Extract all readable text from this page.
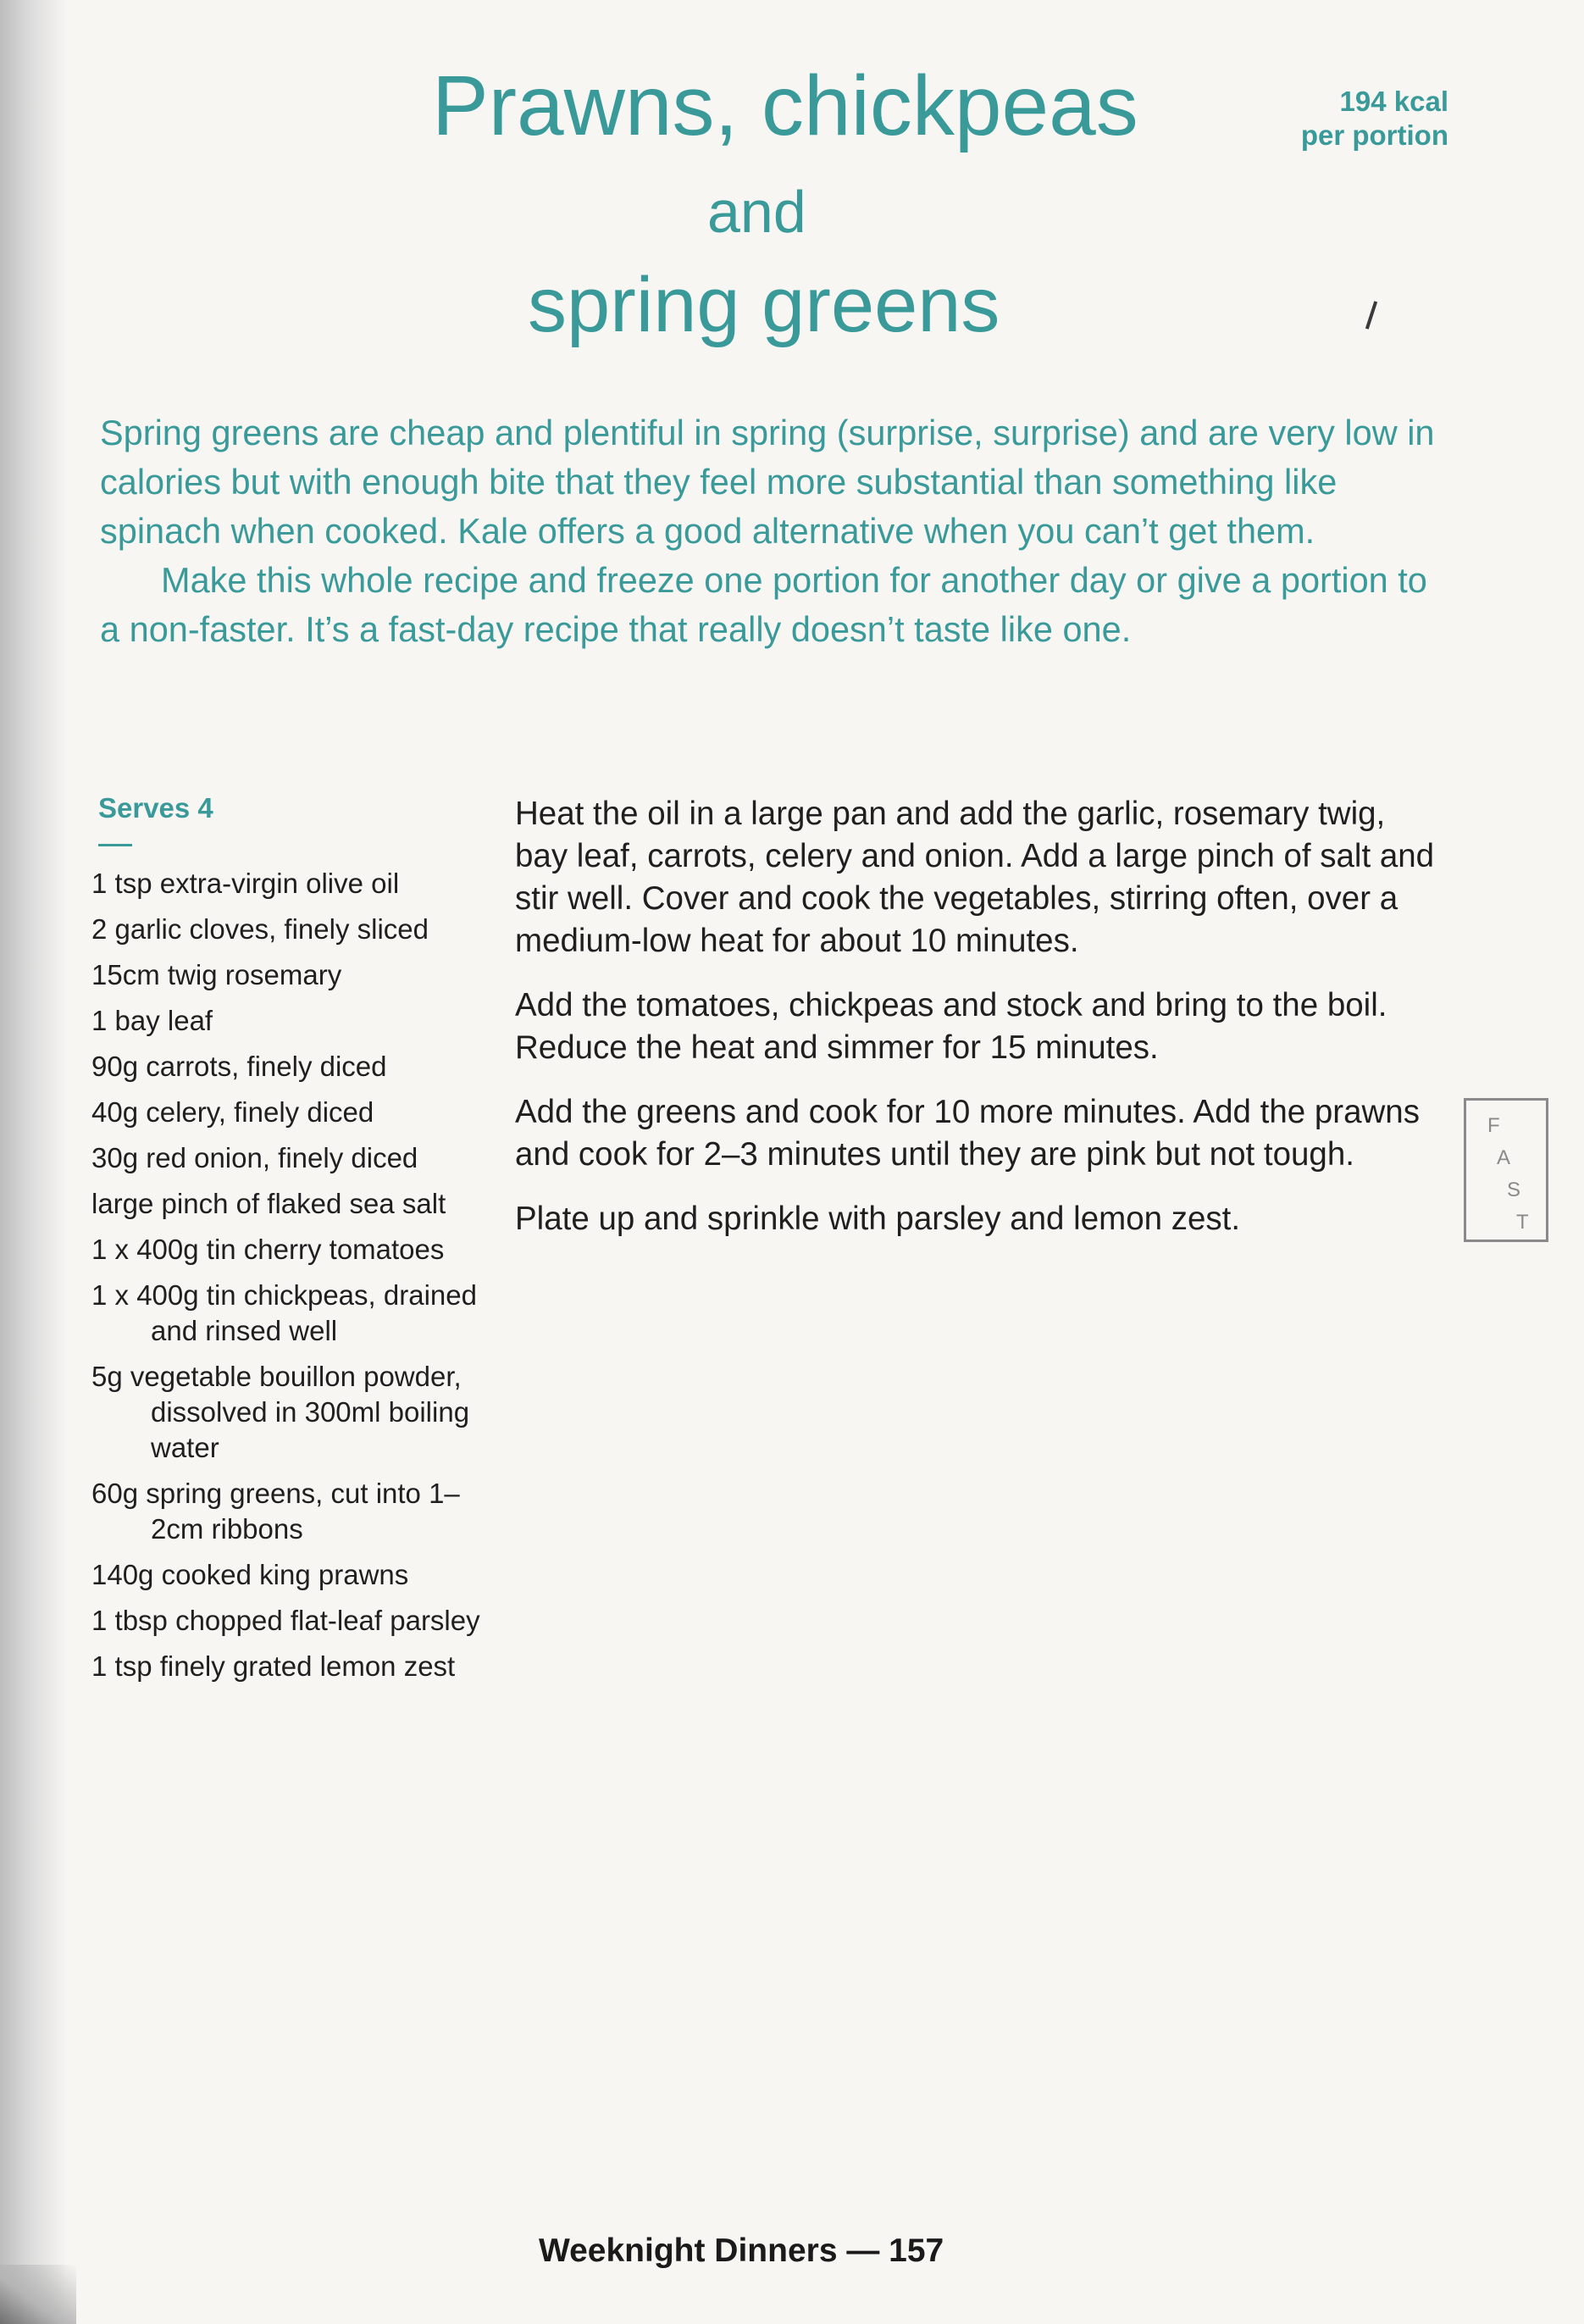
Prawns, chickpeas
and
spring greens
194 kcal
per portion

Spring greens are cheap and plentiful in spring (surprise, surprise) and are very low in calories but with enough bite that they feel more substantial than something like spinach when cooked. Kale offers a good alternative when you can’t get them.

Make this whole recipe and freeze one portion for another day or give a portion to a non-faster. It’s a fast-day recipe that really doesn’t taste like one.

Serves 4
1 tsp extra-virgin olive oil
2 garlic cloves, finely sliced
15cm twig rosemary
1 bay leaf
90g carrots, finely diced
40g celery, finely diced
30g red onion, finely diced
large pinch of flaked sea salt
1 x 400g tin cherry tomatoes
1 x 400g tin chickpeas, drained and rinsed well
5g vegetable bouillon powder, dissolved in 300ml boiling water
60g spring greens, cut into 1–2cm ribbons
140g cooked king prawns
1 tbsp chopped flat-leaf parsley
1 tsp finely grated lemon zest

Heat the oil in a large pan and add the garlic, rosemary twig, bay leaf, carrots, celery and onion. Add a large pinch of salt and stir well. Cover and cook the vegetables, stirring often, over a medium-low heat for about 10 minutes.

Add the tomatoes, chickpeas and stock and bring to the boil. Reduce the heat and simmer for 15 minutes.

Add the greens and cook for 10 more minutes. Add the prawns and cook for 2–3 minutes until they are pink but not tough.

Plate up and sprinkle with parsley and lemon zest.

F
A
S
T
Weeknight Dinners — 157
